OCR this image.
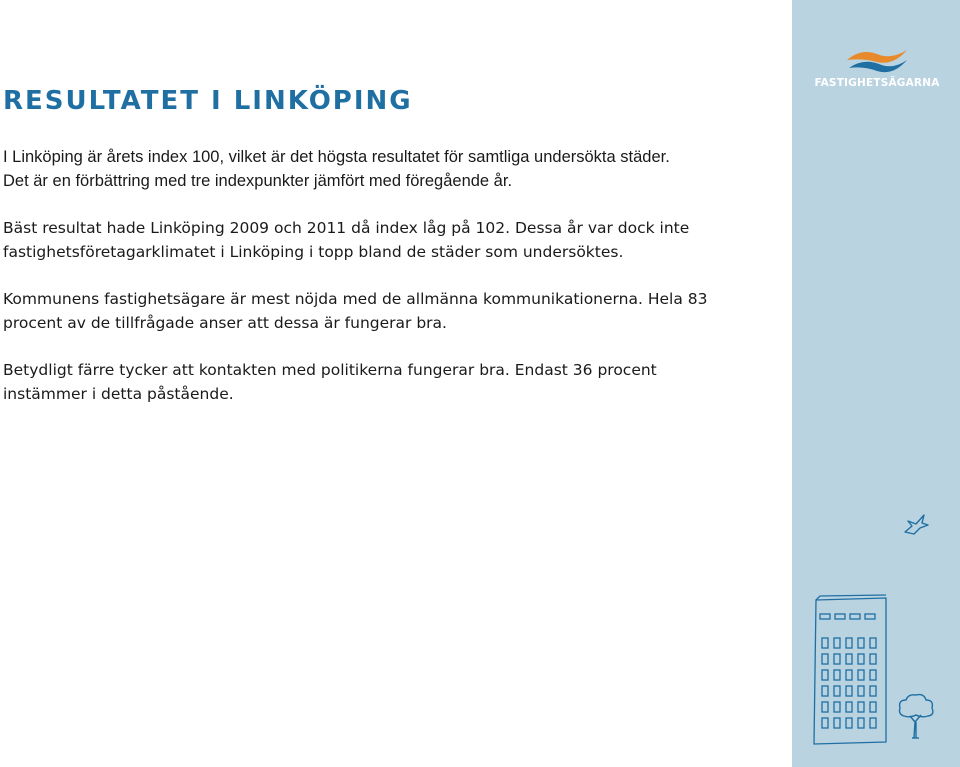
RESULTATET I LINKÖPING

I Linköping är årets index 100, vilket är det högsta resultatet för samtliga undersökta städer.
Det är en förbättring med tre indexpunkter jämfört med föregående år.

Bäst resultat hade Linköping 2009 och 2011 då index låg på 102. Dessa år var dock inte
fastighetsföretagarklimatet i Linköping i topp bland de städer som undersöktes.

Kommunens fastighetsägare är mest nöjda med de allmänna kommunikationerna. Hela 83
procent av de tillfrågade anser att dessa är fungerar bra.

Betydligt färre tycker att kontakten med politikerna fungerar bra. Endast 36 procent
instämmer i detta påstående.

FASTIGHETSÄGARNA
